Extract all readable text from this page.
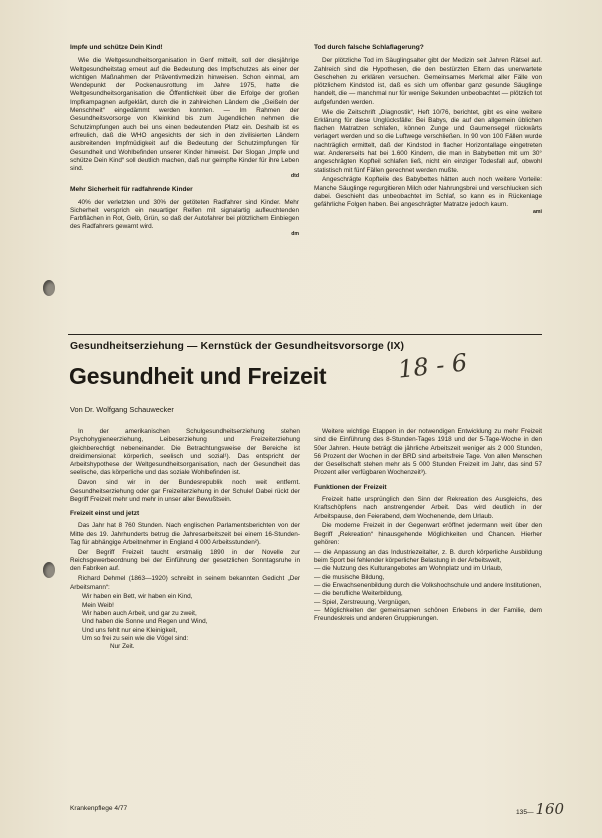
Impfe und schütze Dein Kind!

Wie die Weltgesundheitsorganisation in Genf mitteilt, soll der diesjährige Weltgesundheitstag erneut auf die Bedeutung des Impfschutzes als einer der wichtigen Maßnahmen der Präventivmedizin hinweisen. Schon einmal, am Wendepunkt der Pockenausrottung im Jahre 1975, hatte die Weltgesundheitsorganisation die Öffentlichkeit über die Erfolge der großen Impfkampagnen aufgeklärt, durch die in zahlreichen Ländern die „Geißeln der Menschheit“ eingedämmt werden konnten. — Im Rahmen der Gesundheitsvorsorge von Kleinkind bis zum Jugendlichen nehmen die Schutzimpfungen auch bei uns einen bedeutenden Platz ein. Deshalb ist es erfreulich, daß die WHO angesichts der sich in den zivilisierten Ländern ausbreitenden Impfmüdigkeit auf die Bedeutung der Schutzimpfungen für Gesundheit und Wohlbefinden unserer Kinder hinweist. Der Slogan „Impfe und schütze Dein Kind“ soll deutlich machen, daß nur geimpfte Kinder für ihre Leben sind.

dtd
Mehr Sicherheit für radfahrende Kinder

40% der verletzten und 30% der getöteten Radfahrer sind Kinder. Mehr Sicherheit versprich ein neuartiger Reifen mit signalartig aufleuchtenden Farbflächen in Rot, Gelb, Grün, so daß der Autofahrer bei plötzlichem Einbiegen des Radfahrers gewarnt wird.

dm
Tod durch falsche Schlaflagerung?

Der plötzliche Tod im Säuglingsalter gibt der Medizin seit Jahren Rätsel auf. Zahlreich sind die Hypothesen, die den bestürzten Eltern das unerwartete Geschehen zu erklären versuchen. Gemeinsames Merkmal aller Fälle von plötzlichem Kindstod ist, daß es sich um offenbar ganz gesunde Säuglinge handelt, die — manchmal nur für wenige Sekunden unbeobachtet — plötzlich tot aufgefunden werden.

Wie die Zeitschrift „Diagnostik“, Heft 10/76, berichtet, gibt es eine weitere Erklärung für diese Unglücksfälle: Bei Babys, die auf den allgemein üblichen flachen Matratzen schlafen, können Zunge und Gaumensegel rückwärts verlagert werden und so die Luftwege verschließen. In 90 von 100 Fällen wurde nachträglich ermittelt, daß der Kindstod in flacher Horizontallage eingetreten war. Andererseits hat bei 1.600 Kindern, die man in Babybetten mit um 30° angeschrägten Kopfteil schlafen ließ, nicht ein einziger Todesfall auf, obwohl statistisch mit fünf Fällen gerechnet werden mußte.

Angeschrägte Kopfteile des Babybettes hätten auch noch weitere Vorteile: Manche Säuglinge regurgitieren Milch oder Nahrungsbrei und verschlucken sich dabei. Geschieht das unbeobachtet im Schlaf, so kann es in Rückenlage gefährliche Folgen haben. Bei angeschrägter Matratze jedoch kaum.

ami
Gesundheitserziehung — Kernstück der Gesundheitsvorsorge (IX)
Gesundheit und Freizeit	18 - 6
Von Dr. Wolfgang Schauwecker

In der amerikanischen Schulgesundheitserziehung stehen Psychohygieneerziehung, Leibeserziehung und Freizeiterziehung gleichberechtigt nebeneinander. Die Betrachtungsweise der Bereiche ist dreidimensional: körperlich, seelisch und sozial¹). Das entspricht der Arbeitshypothese der Weltgesundheitsorganisation, nach der Gesundheit das seelische, das körperliche und das soziale Wohlbefinden ist.

Davon sind wir in der Bundesrepublik noch weit entfernt. Gesundheitserziehung oder gar Freizeiterziehung in der Schule! Dabei rückt der Begriff Freizeit mehr und mehr in unser aller Bewußtsein.

Freizeit einst und jetzt

Das Jahr hat 8 760 Stunden. Nach englischen Parlamentsberichten von der Mitte des 19. Jahrhunderts betrug die Jahresarbeitszeit bei einem 16-Stunden-Tag für abhängige Arbeitnehmer in England 4 000 Arbeitsstunden²).

Der Begriff Freizeit taucht erstmalig 1890 in der Novelle zur Reichsgewerbeordnung bei der Einführung der gesetzlichen Sonntagsruhe in den Fabriken auf.

Richard Dehmel (1863—1920) schreibt in seinem bekannten Gedicht „Der Arbeitsmann“:

Wir haben ein Bett, wir haben ein Kind,
Mein Weib!
Wir haben auch Arbeit, und gar zu zweit,
Und haben die Sonne und Regen und Wind,
Und uns fehlt nur eine Kleinigkeit,
Um so frei zu sein wie die Vögel sind:
Nur Zeit.

Weitere wichtige Etappen in der notwendigen Entwicklung zu mehr Freizeit sind die Einführung des 8-Stunden-Tages 1918 und der 5-Tage-Woche in den 50er Jahren. Heute beträgt die jährliche Arbeitszeit weniger als 2 000 Stunden, 56 Prozent der Wochen in der BRD sind arbeitsfreie Tage. Von allen Menschen der Gesellschaft stehen mehr als 5 000 Stunden Freizeit im Jahr, das sind 57 Prozent aller verfügbaren Wochenzeit³).

Funktionen der Freizeit

Freizeit hatte ursprünglich den Sinn der Rekreation des Ausgleichs, des Kraftschöpfens nach anstrengender Arbeit. Das wird deutlich in der Arbeitspause, den Feierabend, dem Wochenende, dem Urlaub.

Die moderne Freizeit in der Gegenwart eröffnet jedermann weit über den Begriff „Rekreation“ hinausgehende Möglichkeiten und Chancen. Hierher gehören:

— die Anpassung an das Industriezeitalter, z. B. durch körperliche Ausbildung beim Sport bei fehlender körperlicher Belastung in der Arbeitswelt,
— die Nutzung des Kulturangebotes am Wohnplatz und im Urlaub,
— die musische Bildung,
— die Erwachsenenbildung durch die Volkshochschule und andere Institutionen,
— die berufliche Weiterbildung,
— Spiel, Zerstreuung, Vergnügen,
— Möglichkeiten der gemeinsamen schönen Erlebens in der Familie, dem Freundeskreis und anderen Gruppierungen.
Krankenpflege 4/77
135— 160
